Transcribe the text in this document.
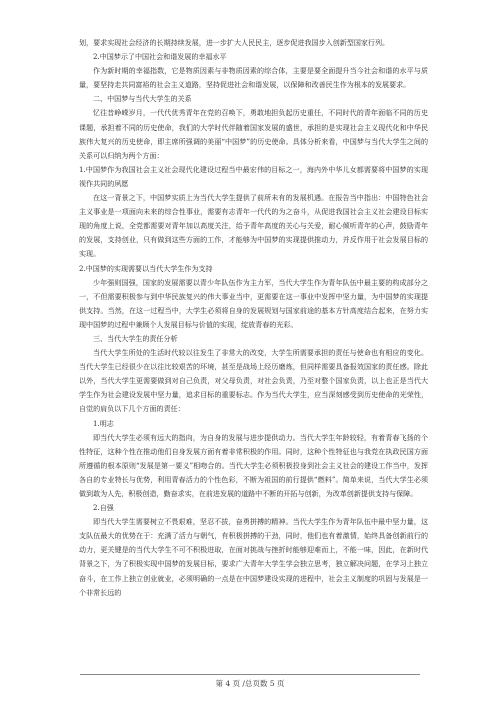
划，要求实现社会经济的长期持续发展，进一步扩大人民民主，逐步促进我国步入创新型国家行列。

2.中国梦示了中国社会和谐发展的幸福水平

作为新时期的幸福指数，它是物质因素与非物质因素的综合体，主要是要全面提升当今社会和谐的水平与质量，要坚持走共同富裕的社会主义道路，坚持促进社会和谐发展，以保障和改善民生作为根本的发展要求。

二、中国梦与当代大学生的关系

忆往昔峥嵘岁月，一代代优秀青年在党的召唤下，勇敢地担负起历史重任，不同时代的青年面临不同的历史课题，承担着不同的历史使命，我们的大学时代伴随着国家发展的盛世，承担的是实现社会主义现代化和中华民族伟大复兴的历史使命，即主席所强调的美丽“中国梦”的历史使命。具体分析来看，中国梦与当代大学生之间的关系可以归纳为两个方面：

1.中国梦作为我国社会主义社会现代化建设过程当中最宏伟的目标之一，海内外中华儿女都需要将中国梦的实现视作共同的夙愿

在这一背景之下，中国梦实质上为当代大学生提供了前所未有的发展机遇。在报告当中指出：中国特色社会主义事业是一项面向未来的综合性事业，需要有志青年一代代的为之奋斗，从促进我国社会主义社会建设目标实现的角度上说，全党都需要对青年加以高度关注，给予青年高度的关心与关爱，耐心倾听青年的心声，鼓励青年的发展，支持创业，只有做到这些方面的工作，才能够为中国梦的实现提供推动力，并反作用于社会发展目标的实现。

2.中国梦的实现需要以当代大学生作为支持

少年强则国强，国家的发展需要以青少年队伍作为主力军，当代大学生作为青年队伍中最主要的构成部分之一，不但需要积极参与到中华民族复兴的伟大事业当中，更需要在这一事业中发挥中坚力量，为中国梦的实现提供支持。当然，在这一过程当中，大学生必须将自身的发展规划与国家前途的基本方针高度结合起来，在努力实现中国梦的过程中兼顾个人发展目标与价值的实现，绽放青春的光彩。

三、当代大学生的责任分析

当代大学生所处的生活时代较以往发生了非常大的改变，大学生所需要承担的责任与使命也有相应的变化。当代大学生已经很少在以往比较艰苦的环境，甚至是战场上经历磨炼，但同样需要具备报效国家的责任感。除此以外，当代大学生更需要做到对自己负责，对父母负责，对社会负责，乃至对整个国家负责，以上也正是当代大学生作为社会建设发展中坚力量，追求目标的重要标志。作为当代大学生，应当深刻感受到历史使命的光荣性，自觉的肩负以下几个方面的责任：

1.明志

即当代大学生必须有远大的指向，为自身的发展与进步提供动力。当代大学生年龄较轻，有着青春飞扬的个性特征，这种个性在推动他们自身发展方面有着非常积极的作用。同时，这种个性特征也与我党在执政民国方面所遵循的根本原则“发展是第一要义”相吻合的。当代大学生必须积极投身到社会主义社会的建设工作当中，发挥各自的专业特长与优势，利用青春活力的个性色彩，不断为祖国的前行提供“燃料”。简单来说，当代大学生必须做到敢为人先，积极创造，勤奋求实，在前进发展的道路中不断的开拓与创新，为改革创新提供支持与保障。

2.自强

即当代大学生需要树立不畏艰难，坚忍不拔，奋勇拼搏的精神。当代大学生作为青年队伍中最中坚力量，这支队伍最大的优势在于：充满了活力与朝气，有积极拼搏的干劲，同时，他们也有着激情，始终具备创新前行的动力，更关键是的当代大学生不可不积极进取，在面对挑战与挫折时能够迎难而上，不能一味，因此，在新时代背景之下，为了积极实现中国梦的发展目标，要求广大青年大学生学会独立思考，独立解决问题，在学习上独立奋斗，在工作上独立创业就业，必须明确的一点是在中国梦建设实现的进程中，社会主义制度的巩固与发展是一个非常长远的

第 4 页 /总页数 5 页
